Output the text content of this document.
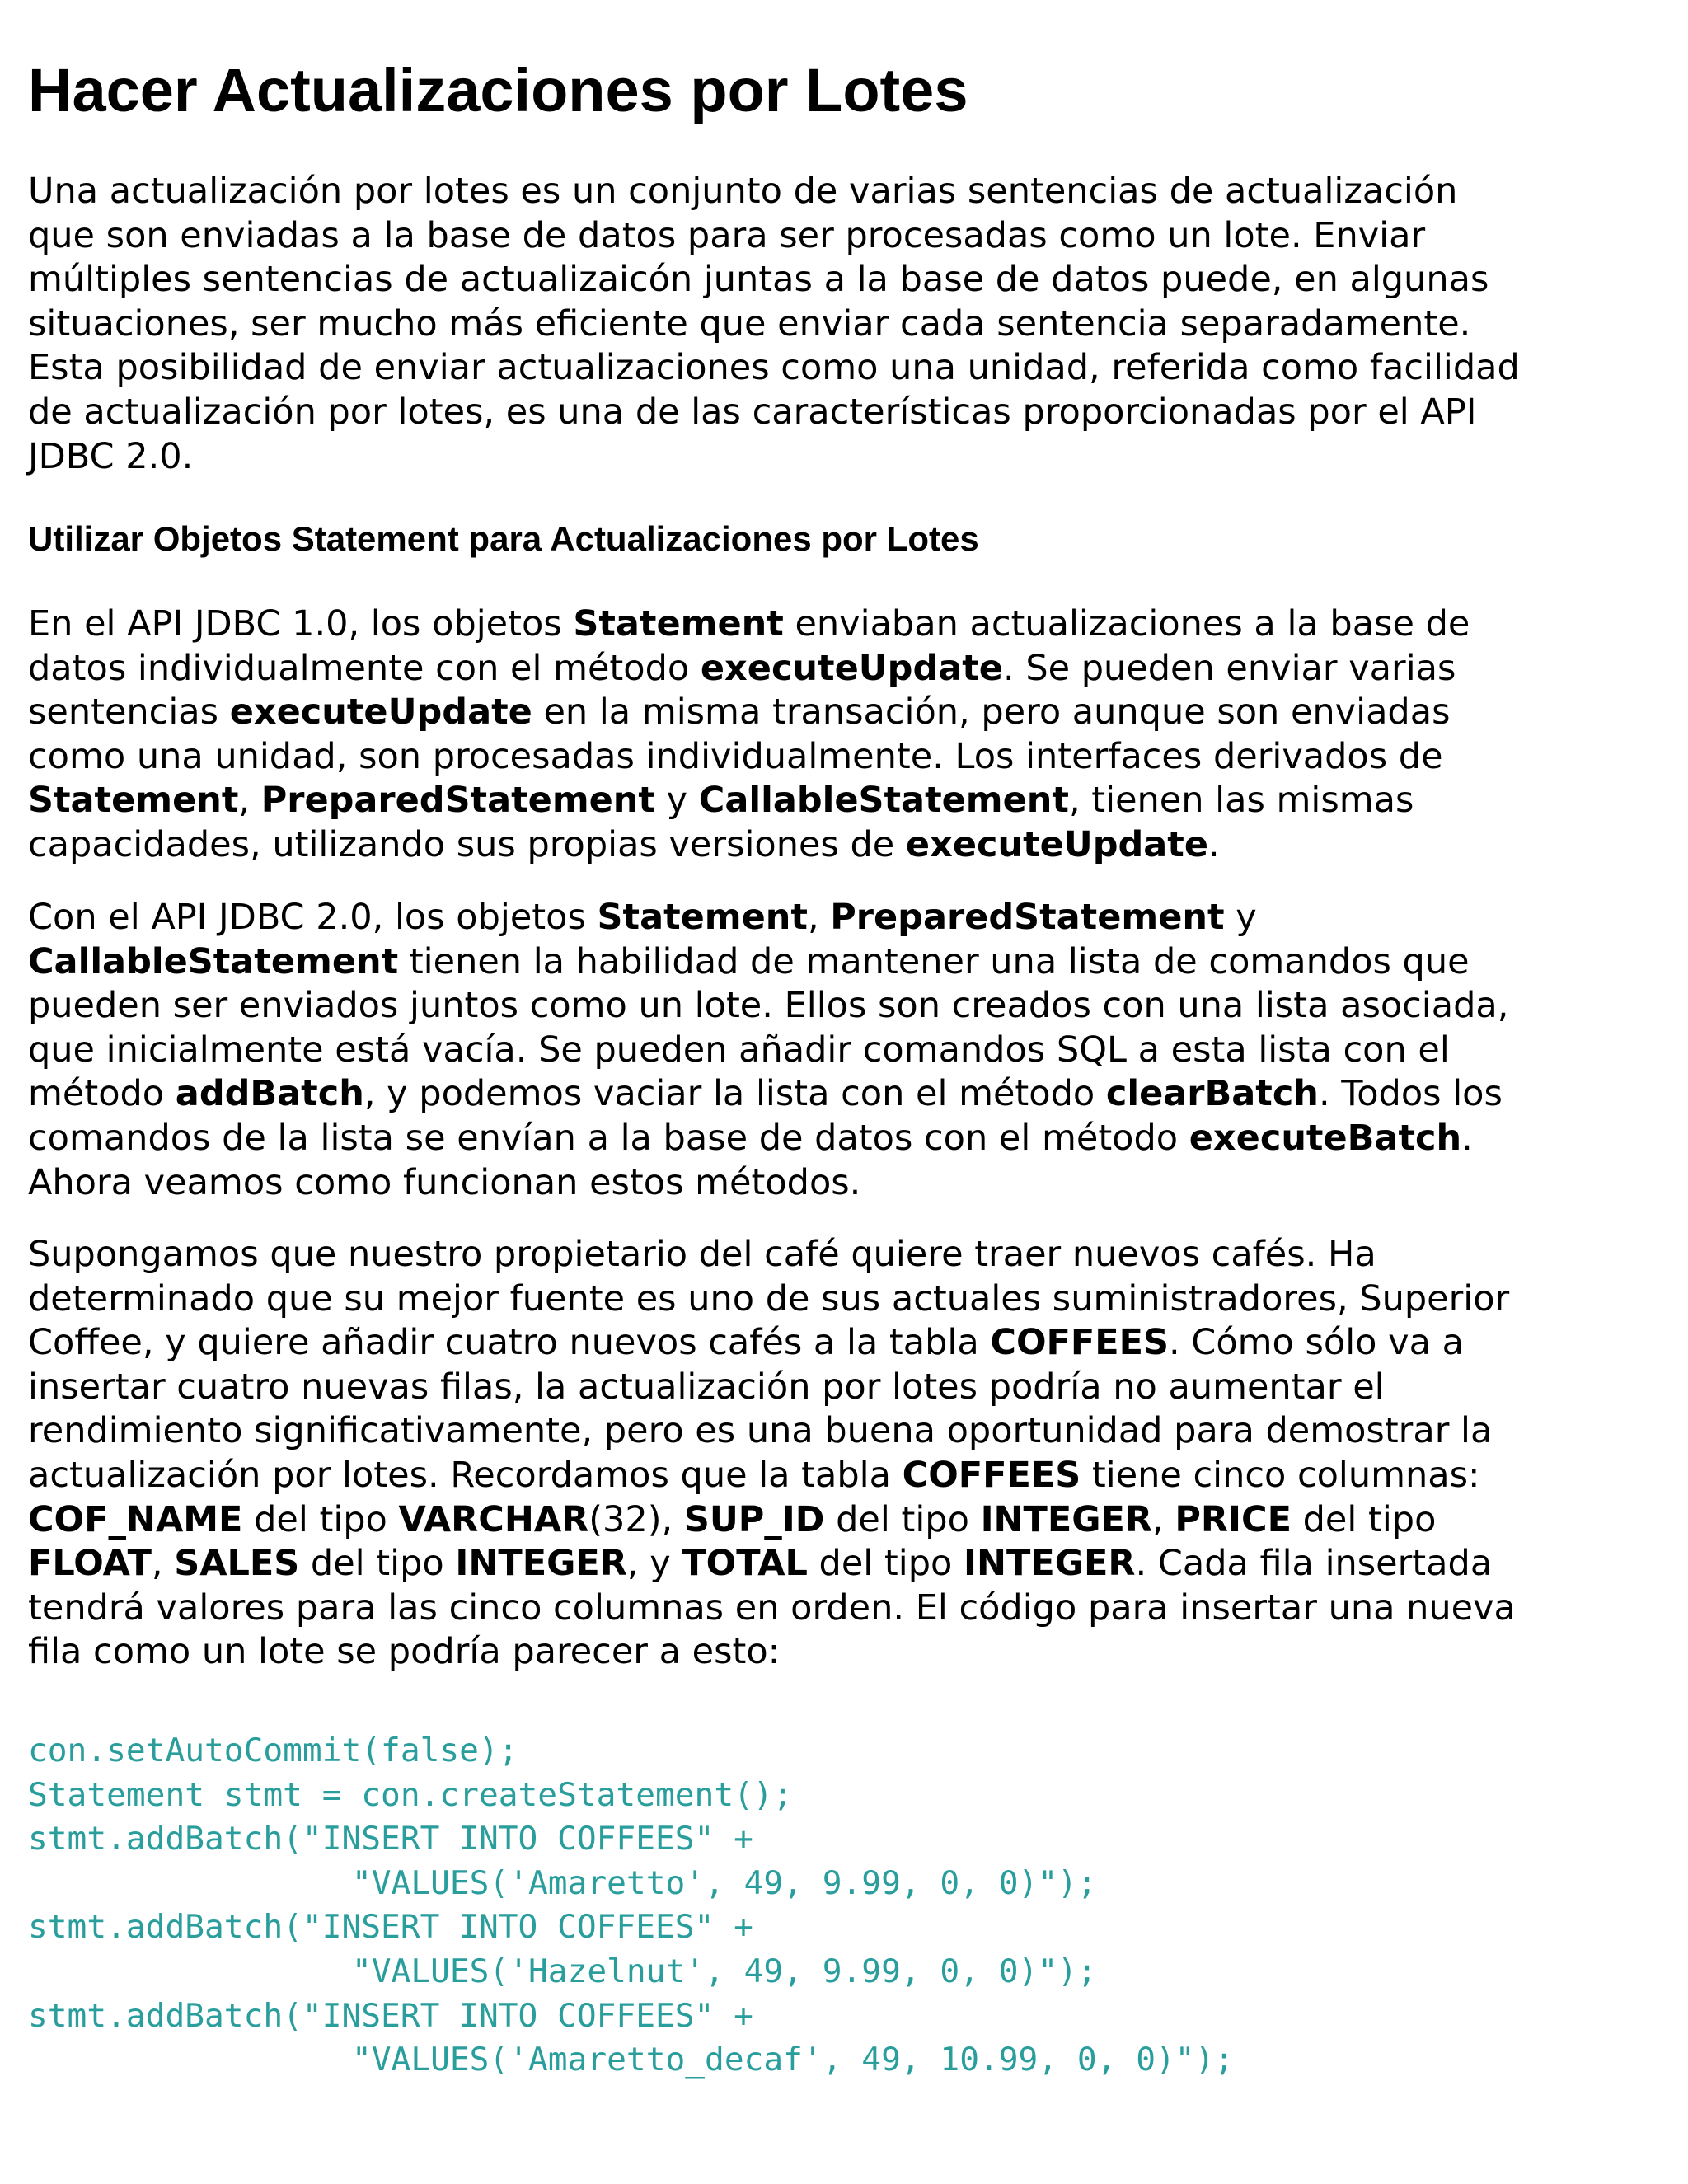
Hacer Actualizaciones por Lotes
Una actualización por lotes es un conjunto de varias sentencias de actualización
que son enviadas a la base de datos para ser procesadas como un lote. Enviar
múltiples sentencias de actualizaicón juntas a la base de datos puede, en algunas
situaciones, ser mucho más eficiente que enviar cada sentencia separadamente.
Esta posibilidad de enviar actualizaciones como una unidad, referida como facilidad
de actualización por lotes, es una de las características proporcionadas por el API
JDBC 2.0.
Utilizar Objetos Statement para Actualizaciones por Lotes
En el API JDBC 1.0, los objetos Statement enviaban actualizaciones a la base de
datos individualmente con el método executeUpdate. Se pueden enviar varias
sentencias executeUpdate en la misma transación, pero aunque son enviadas
como una unidad, son procesadas individualmente. Los interfaces derivados de
Statement, PreparedStatement y CallableStatement, tienen las mismas
capacidades, utilizando sus propias versiones de executeUpdate.
Con el API JDBC 2.0, los objetos Statement, PreparedStatement y
CallableStatement tienen la habilidad de mantener una lista de comandos que
pueden ser enviados juntos como un lote. Ellos son creados con una lista asociada,
que inicialmente está vacía. Se pueden añadir comandos SQL a esta lista con el
método addBatch, y podemos vaciar la lista con el método clearBatch. Todos los
comandos de la lista se envían a la base de datos con el método executeBatch.
Ahora veamos como funcionan estos métodos.
Supongamos que nuestro propietario del café quiere traer nuevos cafés. Ha
determinado que su mejor fuente es uno de sus actuales suministradores, Superior
Coffee, y quiere añadir cuatro nuevos cafés a la tabla COFFEES. Cómo sólo va a
insertar cuatro nuevas filas, la actualización por lotes podría no aumentar el
rendimiento significativamente, pero es una buena oportunidad para demostrar la
actualización por lotes. Recordamos que la tabla COFFEES tiene cinco columnas:
COF_NAME del tipo VARCHAR(32), SUP_ID del tipo INTEGER, PRICE del tipo
FLOAT, SALES del tipo INTEGER, y TOTAL del tipo INTEGER. Cada fila insertada
tendrá valores para las cinco columnas en orden. El código para insertar una nueva
fila como un lote se podría parecer a esto:
con.setAutoCommit(false);
Statement stmt = con.createStatement();
stmt.addBatch("INSERT INTO COFFEES" +
"VALUES('Amaretto', 49, 9.99, 0, 0)");
stmt.addBatch("INSERT INTO COFFEES" +
"VALUES('Hazelnut', 49, 9.99, 0, 0)");
stmt.addBatch("INSERT INTO COFFEES" +
"VALUES('Amaretto_decaf', 49, 10.99, 0, 0)");
